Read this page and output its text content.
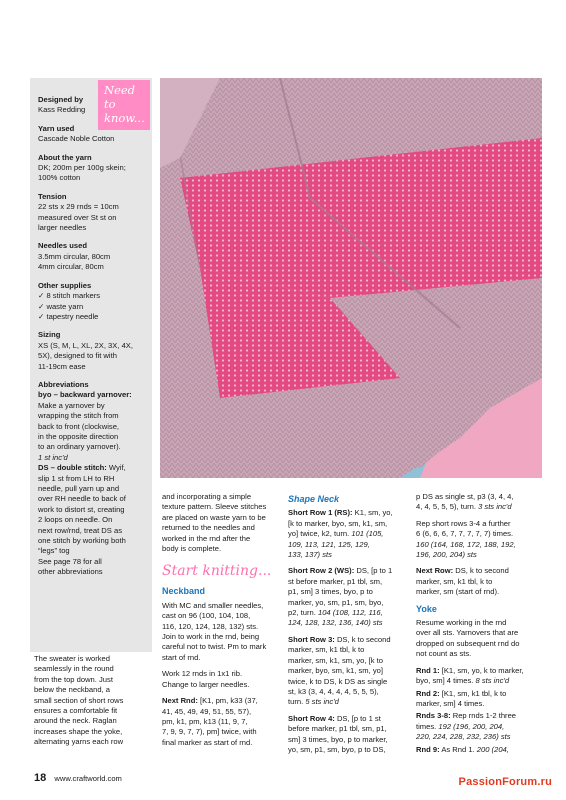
Need to
know...
Designed by
Kass Redding
Yarn used
Cascade Noble Cotton
About the yarn
DK; 200m per 100g skein;
100% cotton
Tension
22 sts x 29 rnds = 10cm
measured over St st on
larger needles
Needles used
3.5mm circular, 80cm
4mm circular, 80cm
Other supplies
✓ 8 stitch markers
✓ waste yarn
✓ tapestry needle
Sizing
XS (S, M, L, XL, 2X, 3X, 4X,
5X), designed to fit with
11-19cm ease
Abbreviations
byo – backward yarnover:
Make a yarnover by
wrapping the stitch from
back to front (clockwise,
in the opposite direction
to an ordinary yarnover).
1 st inc'd
DS – double stitch: Wyif,
slip 1 st from LH to RH
needle, pull yarn up and
over RH needle to back of
work to distort st, creating
2 loops on needle. On
next row/rnd, treat DS as
one stitch by working both
“legs” tog
See page 78 for all
other abbreviations
The sweater is worked
seamlessly in the round
from the top down. Just
below the neckband, a
small section of short rows
ensures a comfortable fit
around the neck. Raglan
increases shape the yoke,
alternating yarns each row

and incorporating a simple
texture pattern. Sleeve stitches
are placed on waste yarn to be
returned to the needles and
worked in the rnd after the
body is complete.

Start knitting...
Neckband

With MC and smaller needles,
cast on 96 (100, 104, 108,
116, 120, 124, 128, 132) sts.
Join to work in the rnd, being
careful not to twist. Pm to mark
start of rnd.

Work 12 rnds in 1x1 rib.
Change to larger needles.

Next Rnd: [K1, pm, k33 (37,
41, 45, 49, 49, 51, 55, 57),
pm, k1, pm, k13 (11, 9, 7,
7, 9, 9, 7, 7), pm] twice, with
final marker as start of rnd.

Shape Neck

Short Row 1 (RS): K1, sm, yo,
[k to marker, byo, sm, k1, sm,
yo] twice, k2, turn. 101 (105,
109, 113, 121, 125, 129,
133, 137) sts

Short Row 2 (WS): DS, [p to 1
st before marker, p1 tbl, sm,
p1, sm] 3 times, byo, p to
marker, yo, sm, p1, sm, byo,
p2, turn. 104 (108, 112, 116,
124, 128, 132, 136, 140) sts

Short Row 3: DS, k to second
marker, sm, k1 tbl, k to
marker, sm, k1, sm, yo, [k to
marker, byo, sm, k1, sm, yo]
twice, k to DS, k DS as single
st, k3 (3, 4, 4, 4, 4, 5, 5, 5),
turn. 5 sts inc'd

Short Row 4: DS, [p to 1 st
before marker, p1 tbl, sm, p1,
sm] 3 times, byo, p to marker,
yo, sm, p1, sm, byo, p to DS,

p DS as single st, p3 (3, 4, 4,
4, 4, 5, 5, 5), turn. 3 sts inc'd

Rep short rows 3-4 a further
6 (6, 6, 6, 7, 7, 7, 7, 7) times.
160 (164, 168, 172, 188, 192,
196, 200, 204) sts

Next Row: DS, k to second
marker, sm, k1 tbl, k to
marker, sm (start of rnd).

Yoke

Resume working in the rnd
over all sts. Yarnovers that are
dropped on subsequent rnd do
not count as sts.

Rnd 1: [K1, sm, yo, k to marker,
byo, sm] 4 times. 8 sts inc'd

Rnd 2: [K1, sm, k1 tbl, k to
marker, sm] 4 times.

Rnds 3-8: Rep rnds 1-2 three
times. 192 (196, 200, 204,
220, 224, 228, 232, 236) sts

Rnd 9: As Rnd 1. 200 (204,

18 www.craftworld.com	PassionForum.ru
